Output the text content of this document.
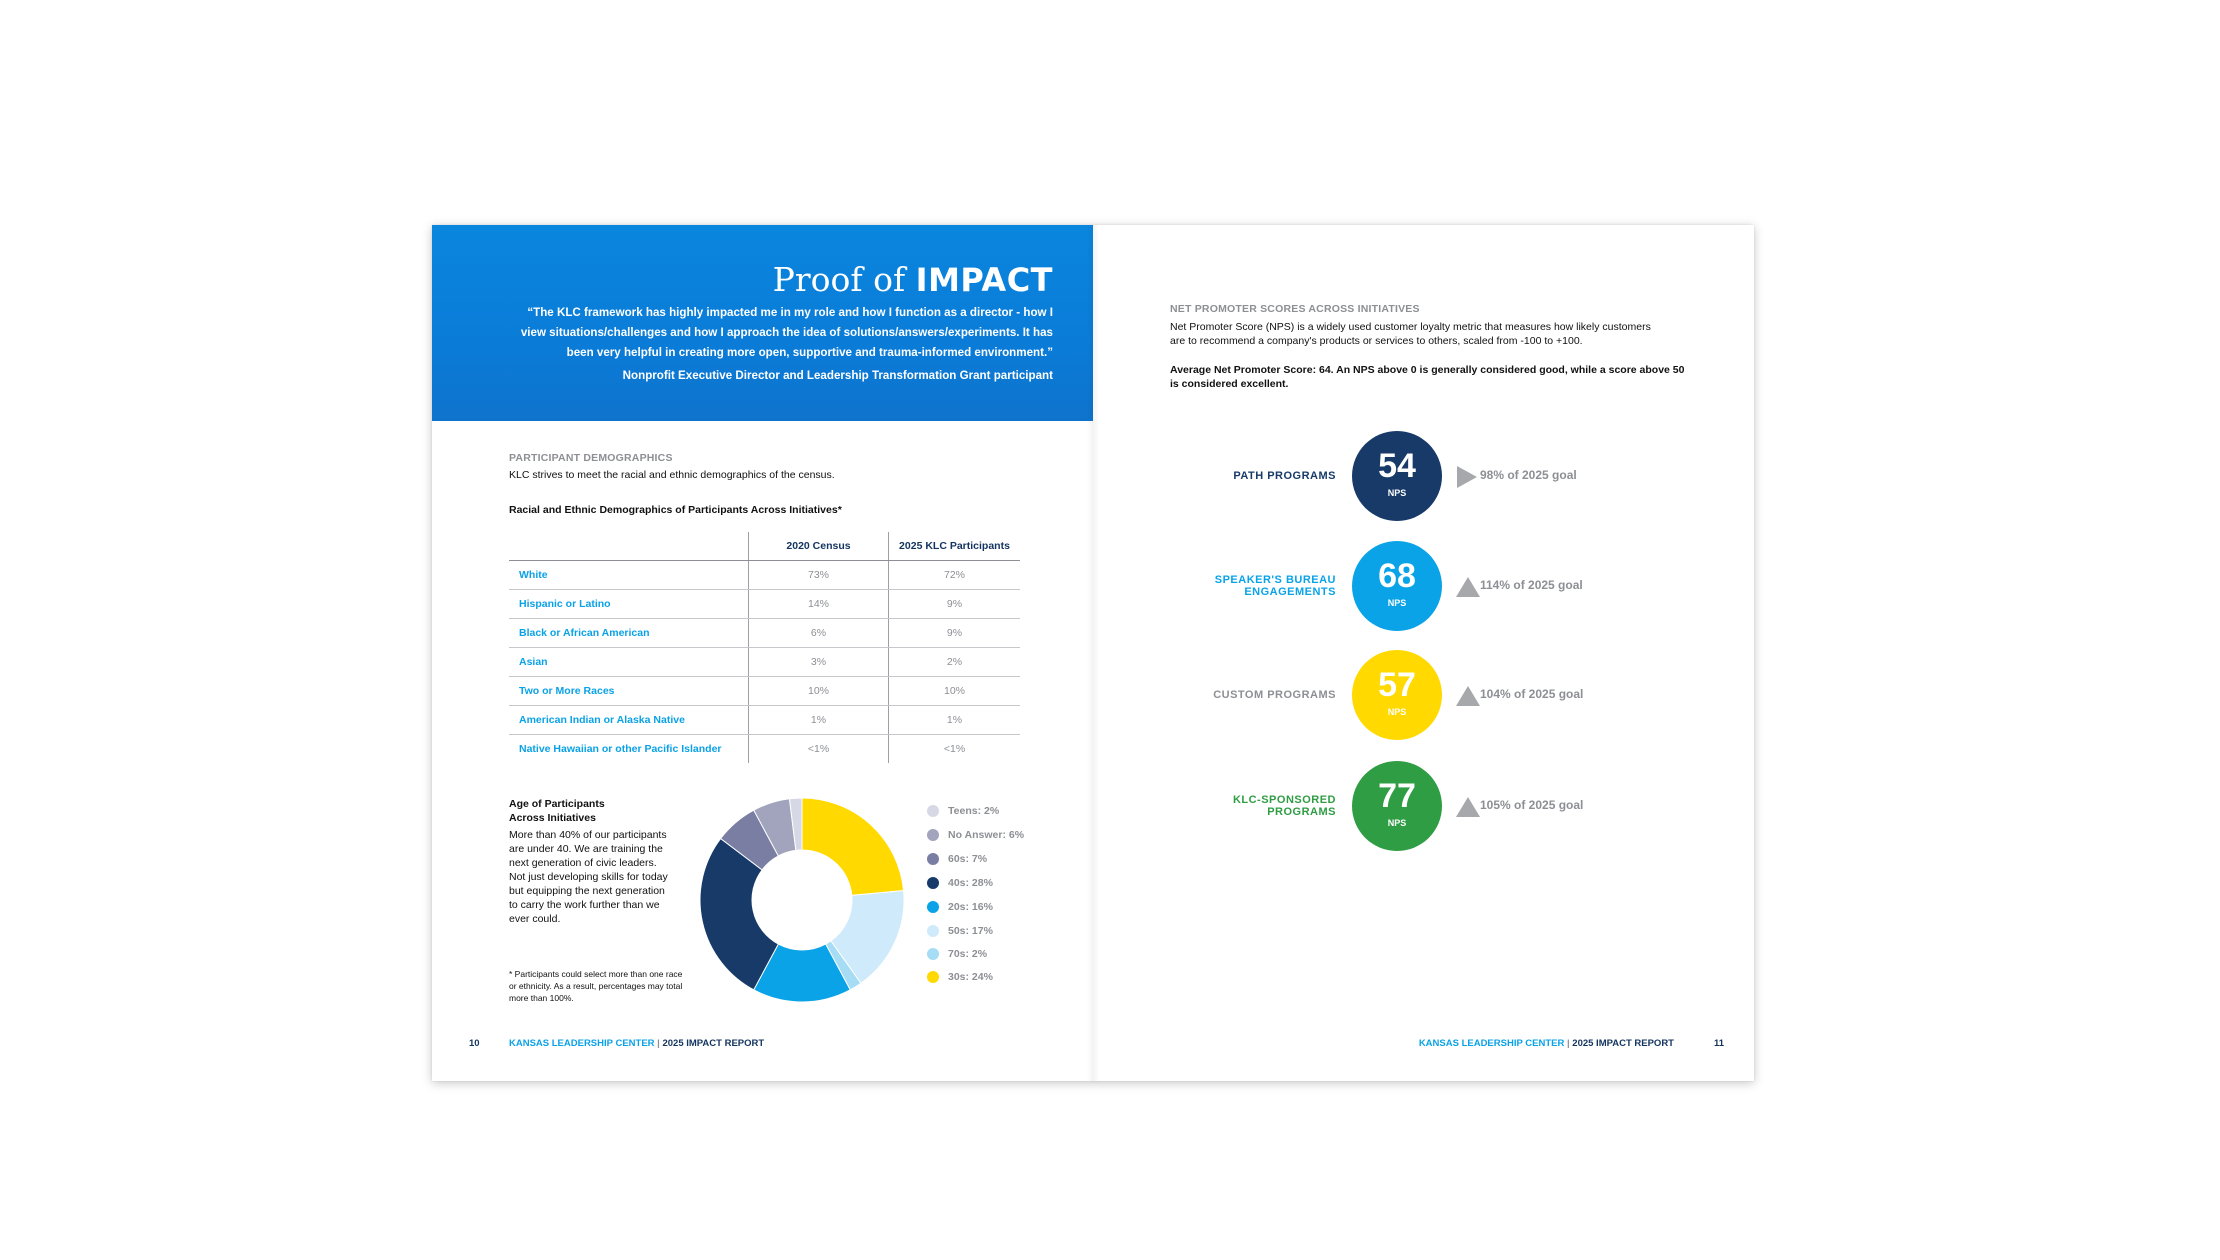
Proof of IMPACT
“The KLC framework has highly impacted me in my role and how I function as a director - how I
view situations/challenges and how I approach the idea of solutions/answers/experiments. It has
been very helpful in creating more open, supportive and trauma-informed environment.”
Nonprofit Executive Director and Leadership Transformation Grant participant
PARTICIPANT DEMOGRAPHICS
KLC strives to meet the racial and ethnic demographics of the census.
Racial and Ethnic Demographics of Participants Across Initiatives*
	2020 Census	2025 KLC Participants
White	73%	72%
Hispanic or Latino	14%	9%
Black or African American	6%	9%
Asian	3%	2%
Two or More Races	10%	10%
American Indian or Alaska Native	1%	1%
Native Hawaiian or other Pacific Islander	<1%	<1%
Age of Participants
Across Initiatives
More than 40% of our participants
are under 40. We are training the
next generation of civic leaders.
Not just developing skills for today
but equipping the next generation
to carry the work further than we
ever could.
* Participants could select more than one race
or ethnicity. As a result, percentages may total
more than 100%.
Teens: 2%
No Answer: 6%
60s: 7%
40s: 28%
20s: 16%
50s: 17%
70s: 2%
30s: 24%
10	KANSAS LEADERSHIP CENTER | 2025 IMPACT REPORT
NET PROMOTER SCORES ACROSS INITIATIVES
Net Promoter Score (NPS) is a widely used customer loyalty metric that measures how likely customers
are to recommend a company's products or services to others, scaled from -100 to +100.
Average Net Promoter Score: 64. An NPS above 0 is generally considered good, while a score above 50
is considered excellent.
PATH PROGRAMS	54
NPS
98% of 2025 goal
SPEAKER'S BUREAU
ENGAGEMENTS	68
NPS
114% of 2025 goal
CUSTOM PROGRAMS	57
NPS
104% of 2025 goal
KLC-SPONSORED
PROGRAMS	77
NPS
105% of 2025 goal
KANSAS LEADERSHIP CENTER | 2025 IMPACT REPORT	11
